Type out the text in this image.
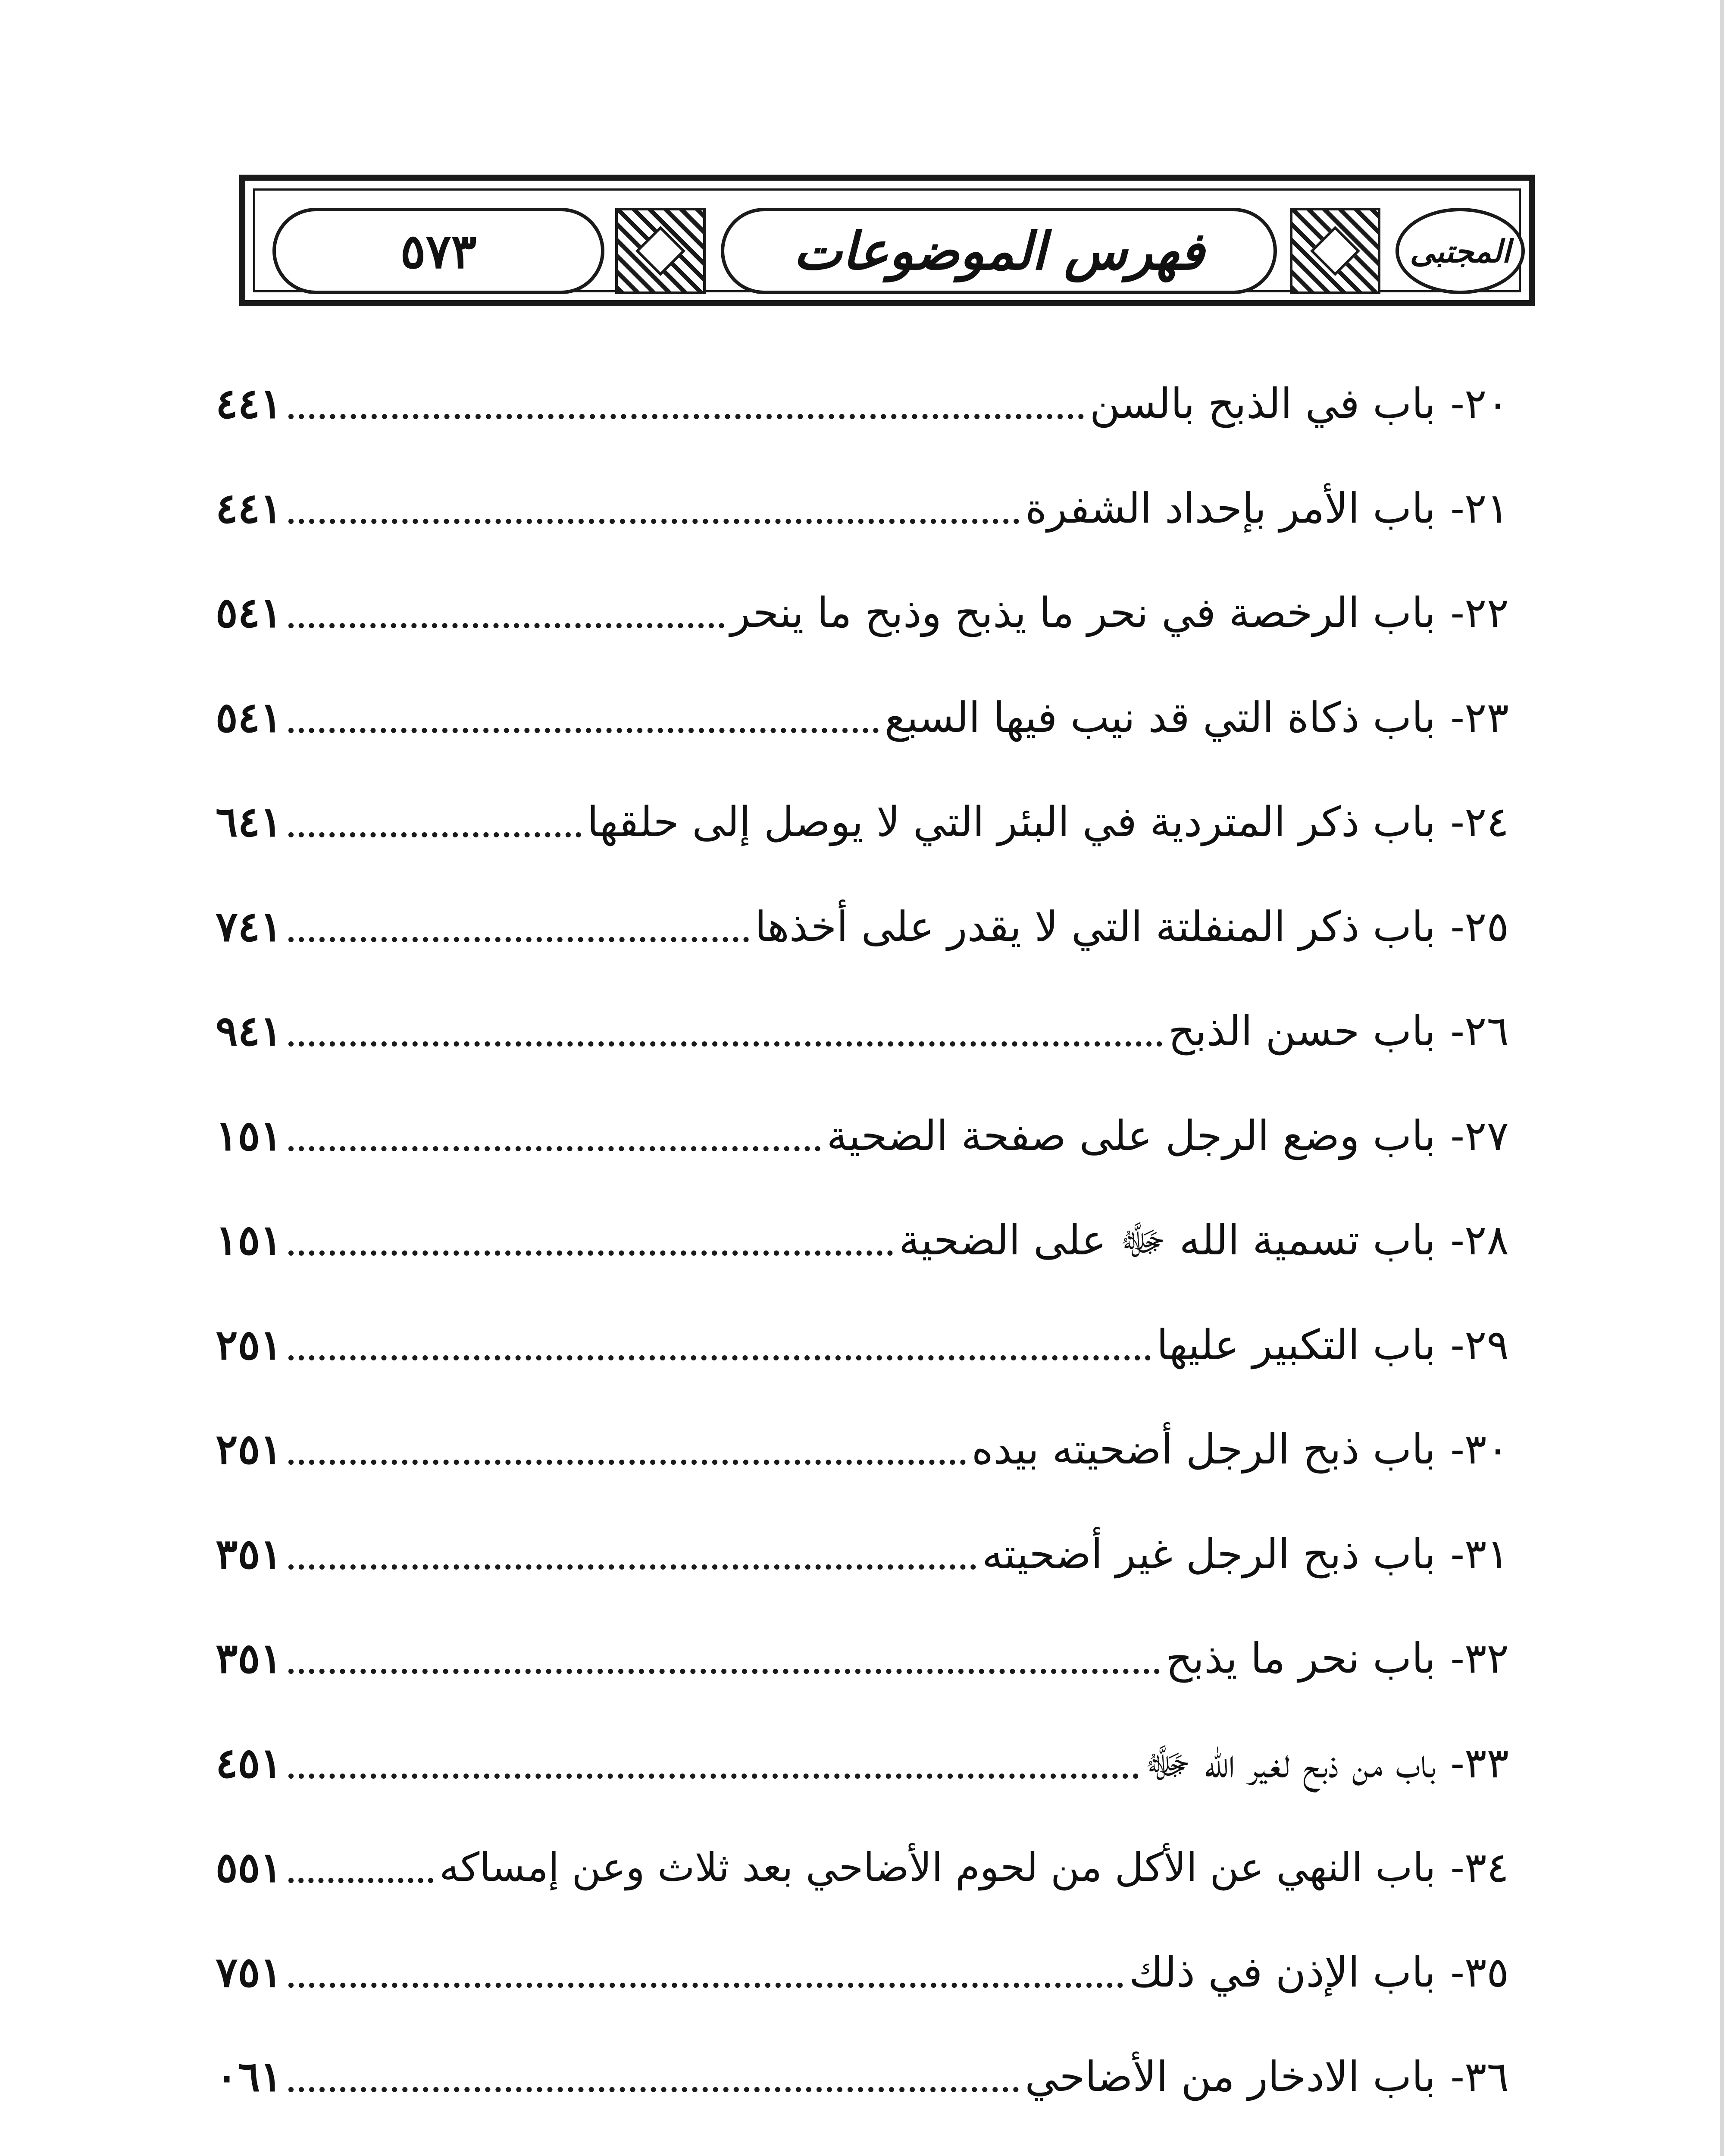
٥٧٣	فهرس الموضوعات	المجتبى
١٤٤	باب في الذبح بالسن ٢٠-
١٤٤	باب الأمر بإحداد الشفرة ٢١-
١٤٥	باب الرخصة في نحر ما يذبح وذبح ما ينحر ٢٢-
١٤٥	باب ذكاة التي قد نيب فيها السبع ٢٣-
١٤٦	باب ذكر المتردية في البئر التي لا يوصل إلى حلقها ٢٤-
١٤٧	باب ذكر المنفلتة التي لا يقدر على أخذها ٢٥-
١٤٩	باب حسن الذبح ٢٦-
١٥١	باب وضع الرجل على صفحة الضحية ٢٧-
١٥١	باب تسمية الله ﷻ على الضحية ٢٨-
١٥٢	باب التكبير عليها ٢٩-
١٥٢	باب ذبح الرجل أضحيته بيده ٣٠-
١٥٣	باب ذبح الرجل غير أضحيته ٣١-
١٥٣	باب نحر ما يذبح ٣٢-
١٥٤	باب من ذبح لغير الله ﷻ ٣٣-
١٥٥	باب النهي عن الأكل من لحوم الأضاحي بعد ثلاث وعن إمساكه ٣٤-
١٥٧	باب الإذن في ذلك ٣٥-
١٦٠	باب الادخار من الأضاحي ٣٦-
